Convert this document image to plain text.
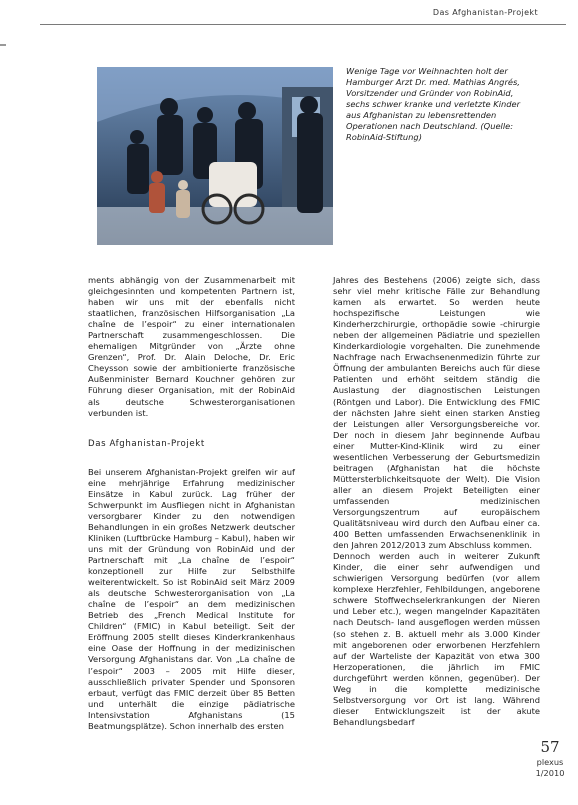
Das Afghanistan-Projekt
Wenige Tage vor Weihnachten holt der Hamburger Arzt Dr. med. Mathias Angrés, Vorsitzender und Gründer von RobinAid, sechs schwer kranke und verletzte Kinder aus Afghanistan zu lebensrettenden Operationen nach Deutschland. (Quelle: RobinAid-Stiftung)

ments abhängig von der Zusammenarbeit mit gleichgesinnten und kompetenten Partnern ist, haben wir uns mit der ebenfalls nicht staatlichen, französischen Hilfsorganisation „La chaîne de l’espoir“ zu einer internationalen Partnerschaft zusammengeschlossen. Die ehemaligen Mitgründer von „Ärzte ohne Grenzen“, Prof. Dr. Alain Deloche, Dr. Eric Cheysson sowie der ambitionierte französische Außenminister Bernard Kouchner gehören zur Führung dieser Organisation, mit der RobinAid als deutsche Schwesterorganisationen verbunden ist.

Das Afghanistan-Projekt

Bei unserem Afghanistan-Projekt greifen wir auf eine mehrjährige Erfahrung medizinischer Einsätze in Kabul zurück. Lag früher der Schwerpunkt im Ausfliegen nicht in Afghanistan versorgbarer Kinder zu den notwendigen Behandlungen in ein großes Netzwerk deutscher Kliniken (Luftbrücke Hamburg – Kabul), haben wir uns mit der Gründung von RobinAid und der Partnerschaft mit „La chaîne de l’espoir“ konzeptionell zur Hilfe zur Selbsthilfe weiterentwickelt. So ist RobinAid seit März 2009 als deutsche Schwesterorganisation von „La chaîne de l’espoir“ an dem medizinischen Betrieb des „French Medical Institute for Children“ (FMIC) in Kabul beteiligt. Seit der Eröffnung 2005 stellt dieses Kinderkrankenhaus eine Oase der Hoffnung in der medizinischen Versorgung Afghanistans dar. Von „La chaîne de l’espoir“ 2003 – 2005 mit Hilfe dieser, ausschließlich privater Spender und Sponsoren erbaut, verfügt das FMIC derzeit über 85 Betten und unterhält die einzige pädiatrische Intensivstation Afghanistans (15 Beatmungsplätze). Schon innerhalb des ersten

Jahres des Bestehens (2006) zeigte sich, dass sehr viel mehr kritische Fälle zur Behandlung kamen als erwartet. So werden heute hochspezifische Leistungen wie Kinderherzchirurgie, orthopädie sowie -chirurgie neben der allgemeinen Pädiatrie und speziellen Kinderkardiologie vorgehalten. Die zunehmende Nachfrage nach Erwachsenenmedizin führte zur Öffnung der ambulanten Bereichs auch für diese Patienten und erhöht seitdem ständig die Auslastung der diagnostischen Leistungen (Röntgen und Labor). Die Entwicklung des FMIC der nächsten Jahre sieht einen starken Anstieg der Leistungen aller Versorgungsbereiche vor. Der noch in diesem Jahr beginnende Aufbau einer Mutter-Kind-Klinik wird zu einer wesentlichen Verbesserung der Geburtsmedizin beitragen (Afghanistan hat die höchste Müttersterblichkeitsquote der Welt). Die Vision aller an diesem Projekt Beteiligten einer umfassenden medizinischen Versorgungszentrum auf europäischem Qualitätsniveau wird durch den Aufbau einer ca. 400 Betten umfassenden Erwachsenenklinik in den Jahren 2012/2013 zum Abschluss kommen.

Dennoch werden auch in weiterer Zukunft Kinder, die einer sehr aufwendigen und schwierigen Versorgung bedürfen (vor allem komplexe Herzfehler, Fehlbildungen, angeborene schwere Stoffwechselerkrankungen der Nieren und Leber etc.), wegen mangelnder Kapazitäten nach Deutsch- land ausgeflogen werden müssen (so stehen z. B. aktuell mehr als 3.000 Kinder mit angeborenen oder erworbenen Herzfehlern auf der Warteliste der Kapazität von etwa 300 Herzoperationen, die jährlich im FMIC durchgeführt werden können, gegenüber). Der Weg in die komplette medizinische Selbstversorgung vor Ort ist lang. Während dieser Entwicklungszeit ist der akute Behandlungsbedarf

57
plexus
1/2010
